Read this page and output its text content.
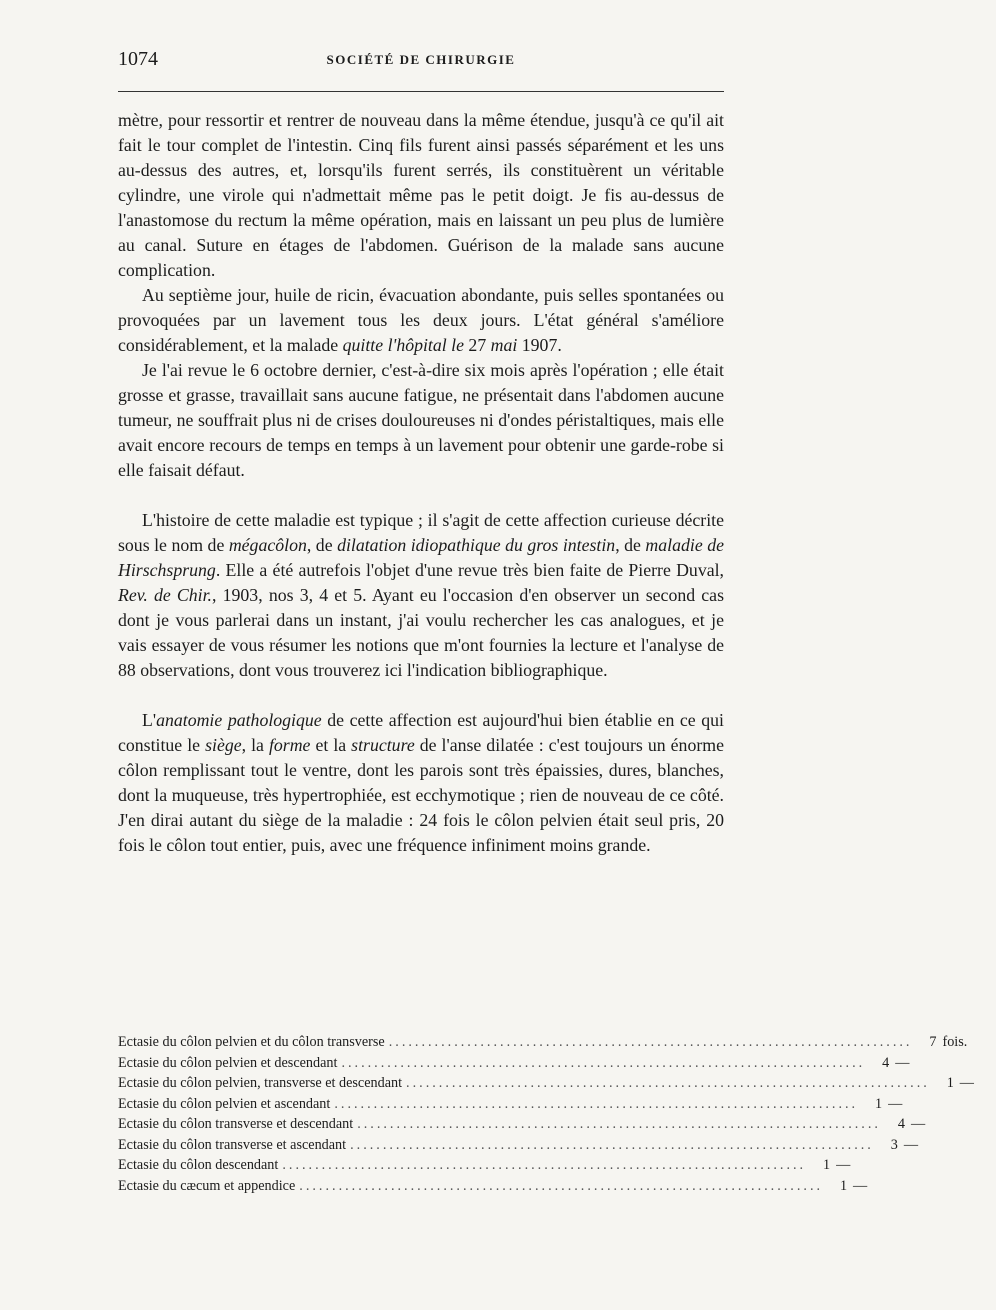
1074	SOCIÉTÉ DE CHIRURGIE

mètre, pour ressortir et rentrer de nouveau dans la même étendue, jusqu'à ce qu'il ait fait le tour complet de l'intestin. Cinq fils furent ainsi passés séparément et les uns au-dessus des autres, et, lorsqu'ils furent serrés, ils constituèrent un véritable cylindre, une virole qui n'admettait même pas le petit doigt. Je fis au-dessus de l'anastomose du rectum la même opération, mais en laissant un peu plus de lumière au canal. Suture en étages de l'abdomen. Guérison de la malade sans aucune complication.

Au septième jour, huile de ricin, évacuation abondante, puis selles spontanées ou provoquées par un lavement tous les deux jours. L'état général s'améliore considérablement, et la malade quitte l'hôpital le 27 mai 1907.

Je l'ai revue le 6 octobre dernier, c'est-à-dire six mois après l'opération ; elle était grosse et grasse, travaillait sans aucune fatigue, ne présentait dans l'abdomen aucune tumeur, ne souffrait plus ni de crises douloureuses ni d'ondes péristaltiques, mais elle avait encore recours de temps en temps à un lavement pour obtenir une garde-robe si elle faisait défaut.

L'histoire de cette maladie est typique ; il s'agit de cette affection curieuse décrite sous le nom de mégacôlon, de dilatation idiopathique du gros intestin, de maladie de Hirschsprung. Elle a été autrefois l'objet d'une revue très bien faite de Pierre Duval, Rev. de Chir., 1903, nos 3, 4 et 5. Ayant eu l'occasion d'en observer un second cas dont je vous parlerai dans un instant, j'ai voulu rechercher les cas analogues, et je vais essayer de vous résumer les notions que m'ont fournies la lecture et l'analyse de 88 observations, dont vous trouverez ici l'indication bibliographique.

L'anatomie pathologique de cette affection est aujourd'hui bien établie en ce qui constitue le siège, la forme et la structure de l'anse dilatée : c'est toujours un énorme côlon remplissant tout le ventre, dont les parois sont très épaissies, dures, blanches, dont la muqueuse, très hypertrophiée, est ecchymotique ; rien de nouveau de ce côté. J'en dirai autant du siège de la maladie : 24 fois le côlon pelvien était seul pris, 20 fois le côlon tout entier, puis, avec une fréquence infiniment moins grande.

Ectasie du côlon pelvien et du côlon transverse ................................................................................	7 fois.
Ectasie du côlon pelvien et descendant ................................................................................	4 —
Ectasie du côlon pelvien, transverse et descendant ................................................................................	1 —
Ectasie du côlon pelvien et ascendant ................................................................................	1 —
Ectasie du côlon transverse et descendant ................................................................................	4 —
Ectasie du côlon transverse et ascendant ................................................................................	3 —
Ectasie du côlon descendant ................................................................................	1 —
Ectasie du cæcum et appendice ................................................................................	1 —
